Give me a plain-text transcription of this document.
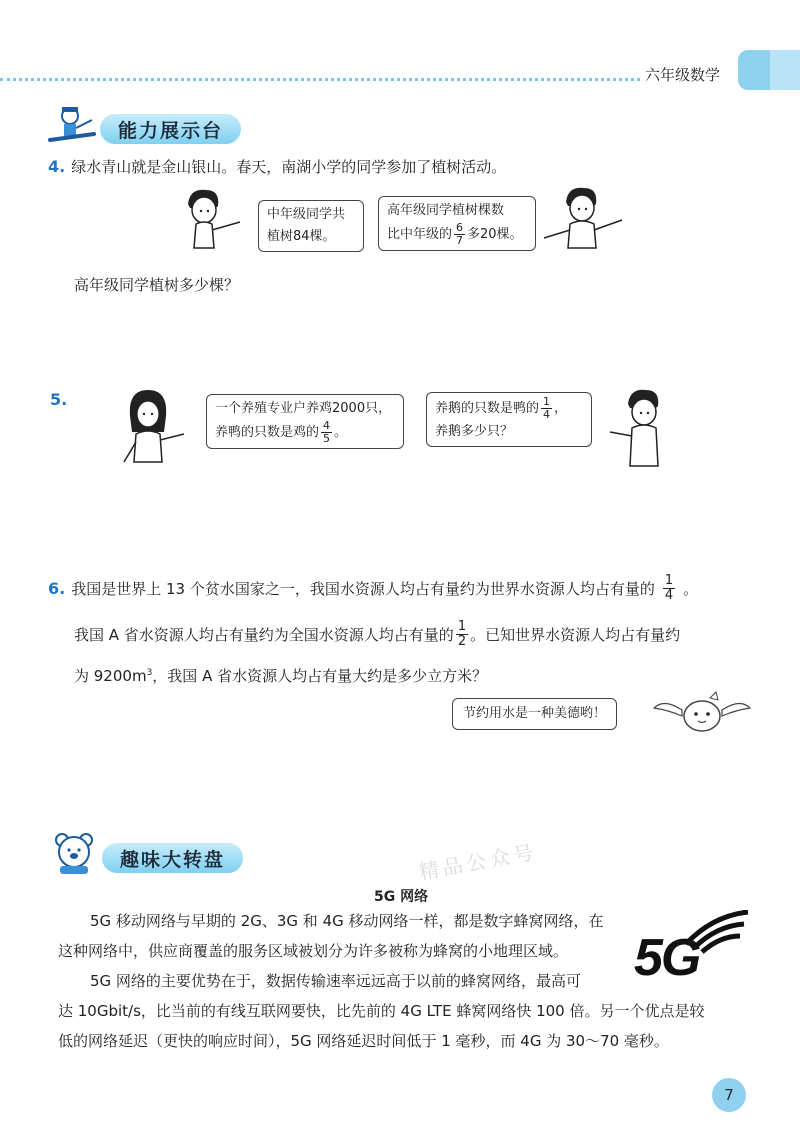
六年级数学
能力展示台
4. 绿水青山就是金山银山。春天，南湖小学的同学参加了植树活动。
中年级同学共
植树84棵。
高年级同学植树棵数
比中年级的 $\frac{6}{7}$ 多20棵。
高年级同学植树多少棵？
5.	一个养殖专业户养鸡2000只，
养鸭的只数是鸡的 $\frac{4}{5}$ 。
养鹅的只数是鸭的 $\frac{1}{4}$ ，
养鹅多少只？
6. 我国是世界上 13 个贫水国家之一，我国水资源人均占有量约为世界水资源人均占有量的 $\frac{1}{4}$ 。
我国 A 省水资源人均占有量约为全国水资源人均占有量的 $\frac{1}{2}$ 。已知世界水资源人均占有量约
为 $9200m^3$，我国 A 省水资源人均占有量大约是多少立方米？
节约用水是一种美德哟！
趣味大转盘	精品公众号
5G 网络
5G 移动网络与早期的 2G、3G 和 4G 移动网络一样，都是数字蜂窝网络，在
这种网络中，供应商覆盖的服务区域被划分为许多被称为蜂窝的小地理区域。
5G 网络的主要优势在于，数据传输速率远远高于以前的蜂窝网络，最高可
达 10Gbit/s，比当前的有线互联网要快，比先前的 4G LTE 蜂窝网络快 100 倍。另一个优点是较
低的网络延迟（更快的响应时间），5G 网络延迟时间低于 1 毫秒，而 4G 为 30～70 毫秒。
5G
7
